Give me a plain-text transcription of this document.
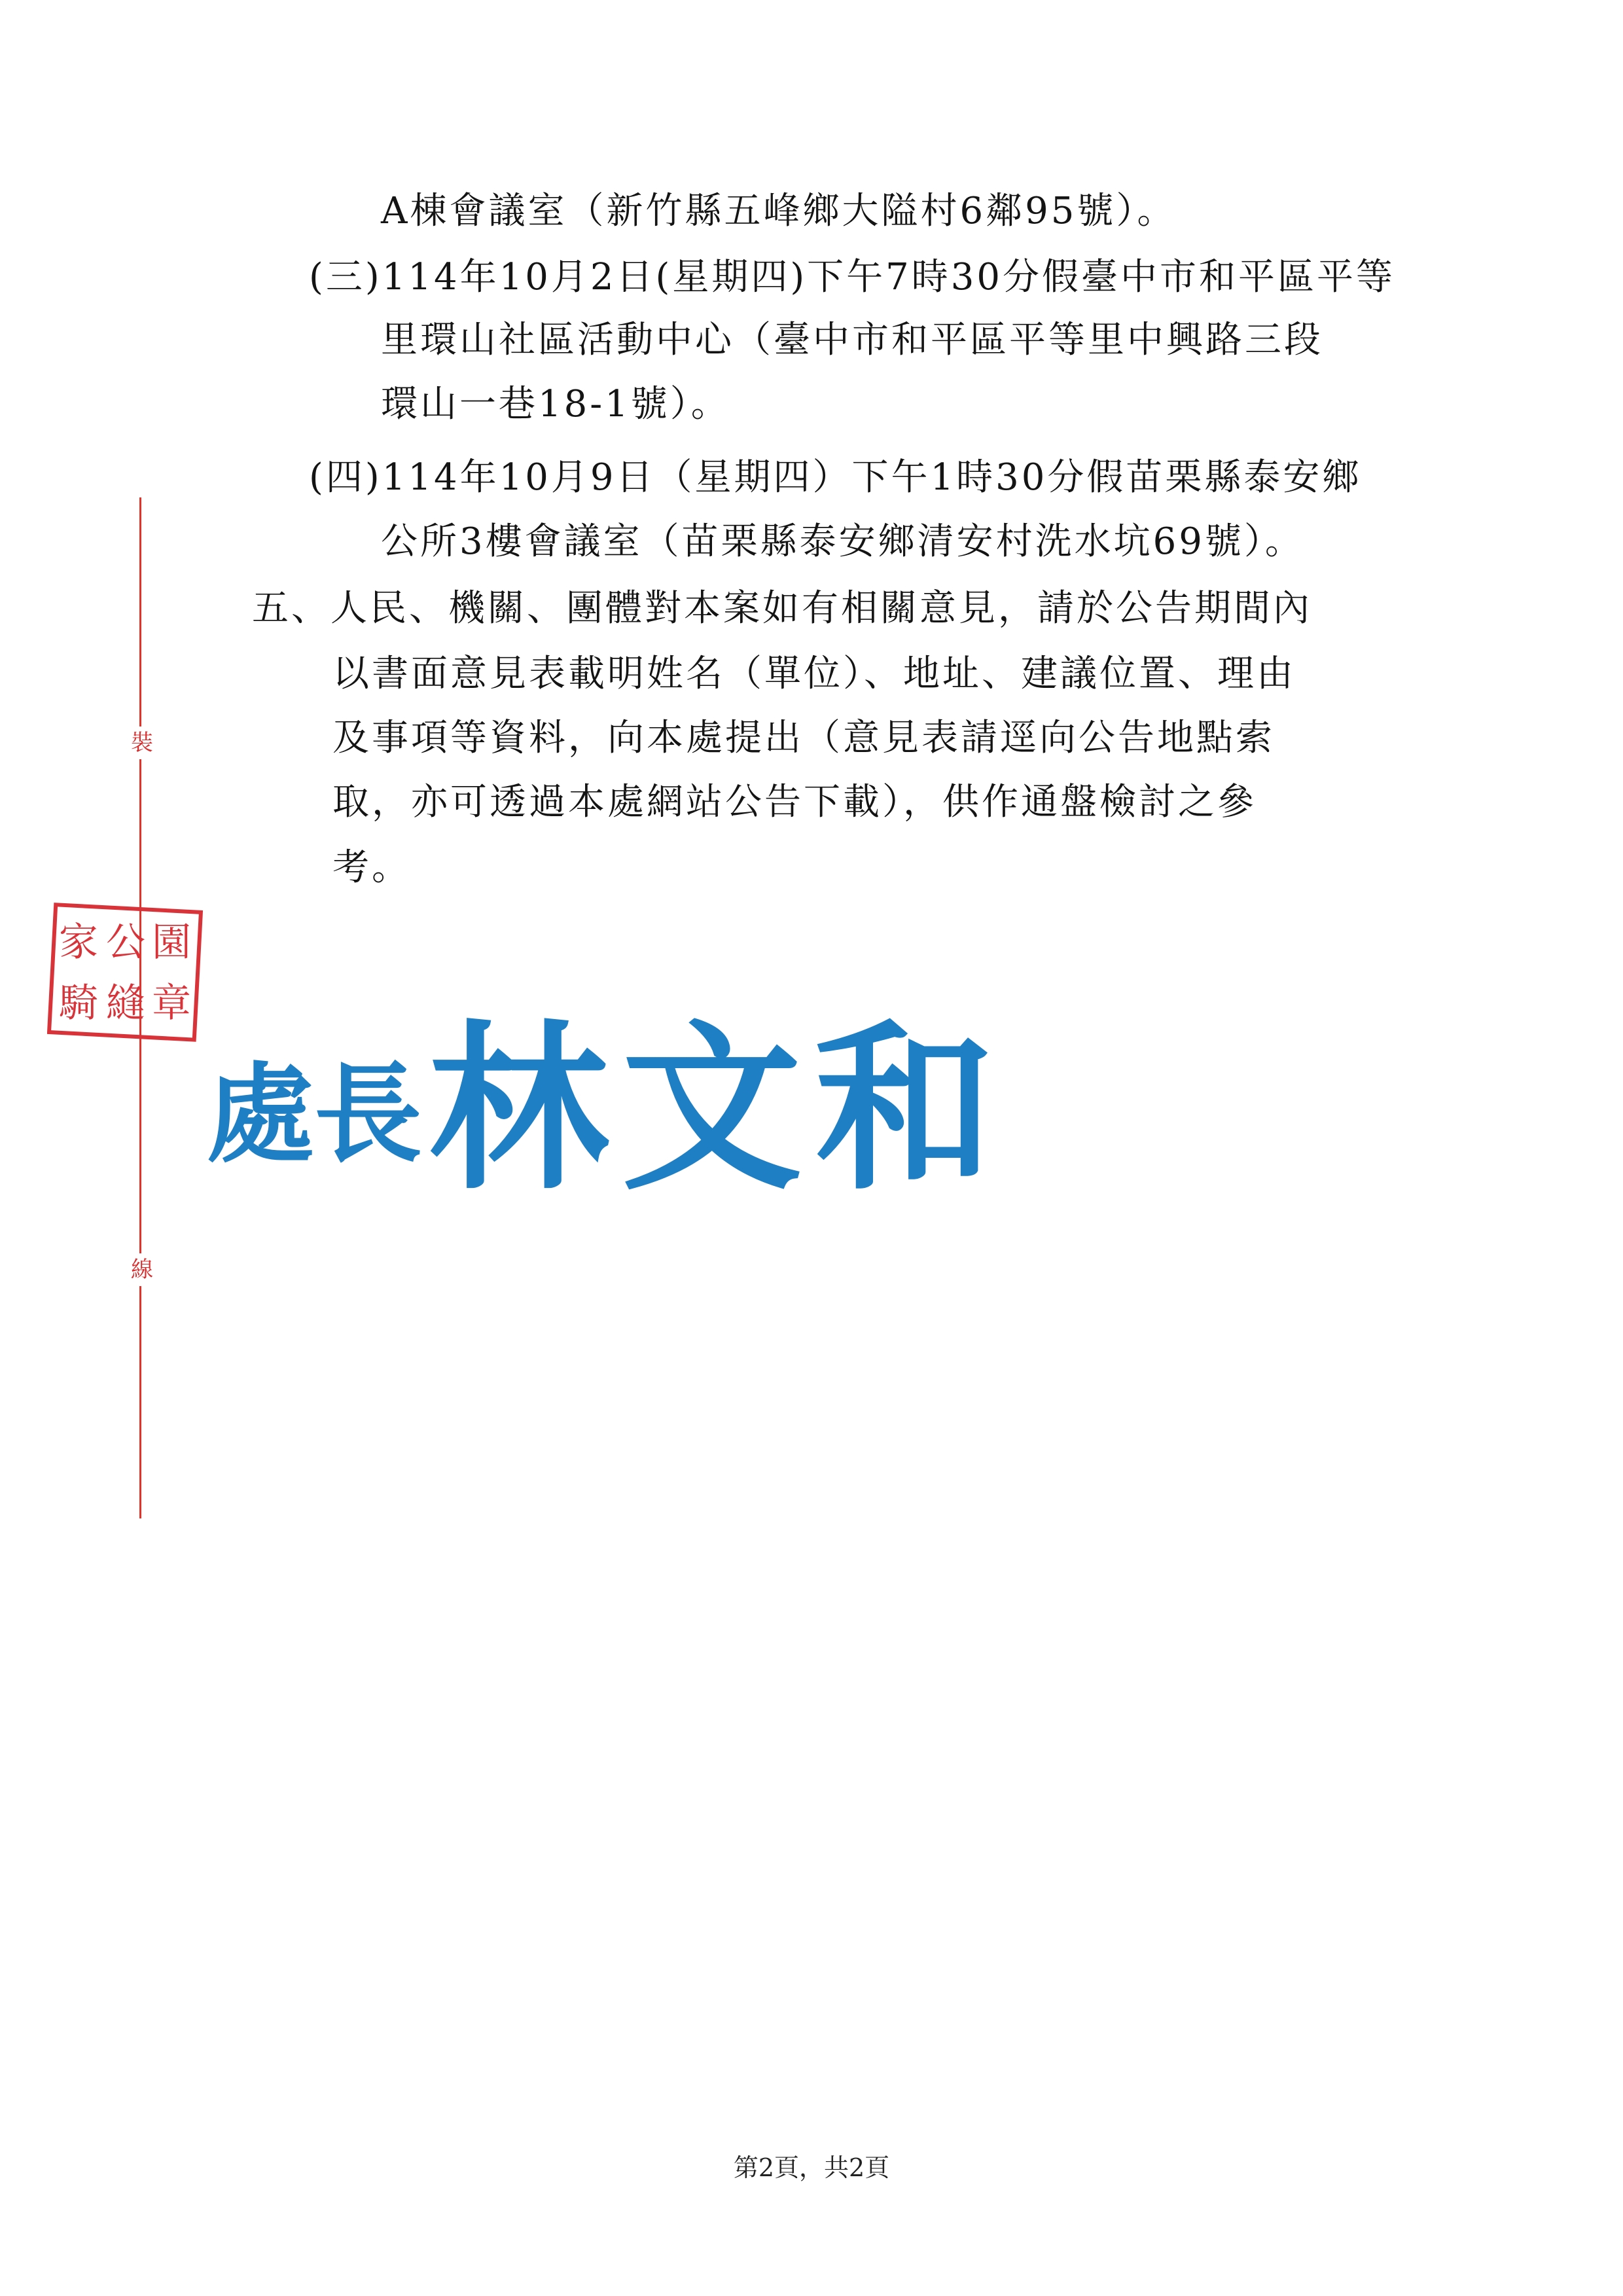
裝
線
A棟會議室（新竹縣五峰鄉大隘村6鄰95號）。
(三)114年10月2日(星期四)下午7時30分假臺中市和平區平等
里環山社區活動中心（臺中市和平區平等里中興路三段
環山一巷18-1號）。
(四)114年10月9日（星期四）下午1時30分假苗栗縣泰安鄉
公所3樓會議室（苗栗縣泰安鄉清安村洗水坑69號）。
五、人民、機關、團體對本案如有相關意見，請於公告期間內
以書面意見表載明姓名（單位）、地址、建議位置、理由
及事項等資料，向本處提出（意見表請逕向公告地點索
取，亦可透過本處網站公告下載），供作通盤檢討之參
考。
家 公 園
騎 縫 章
處長 林文和
第2頁，共2頁
